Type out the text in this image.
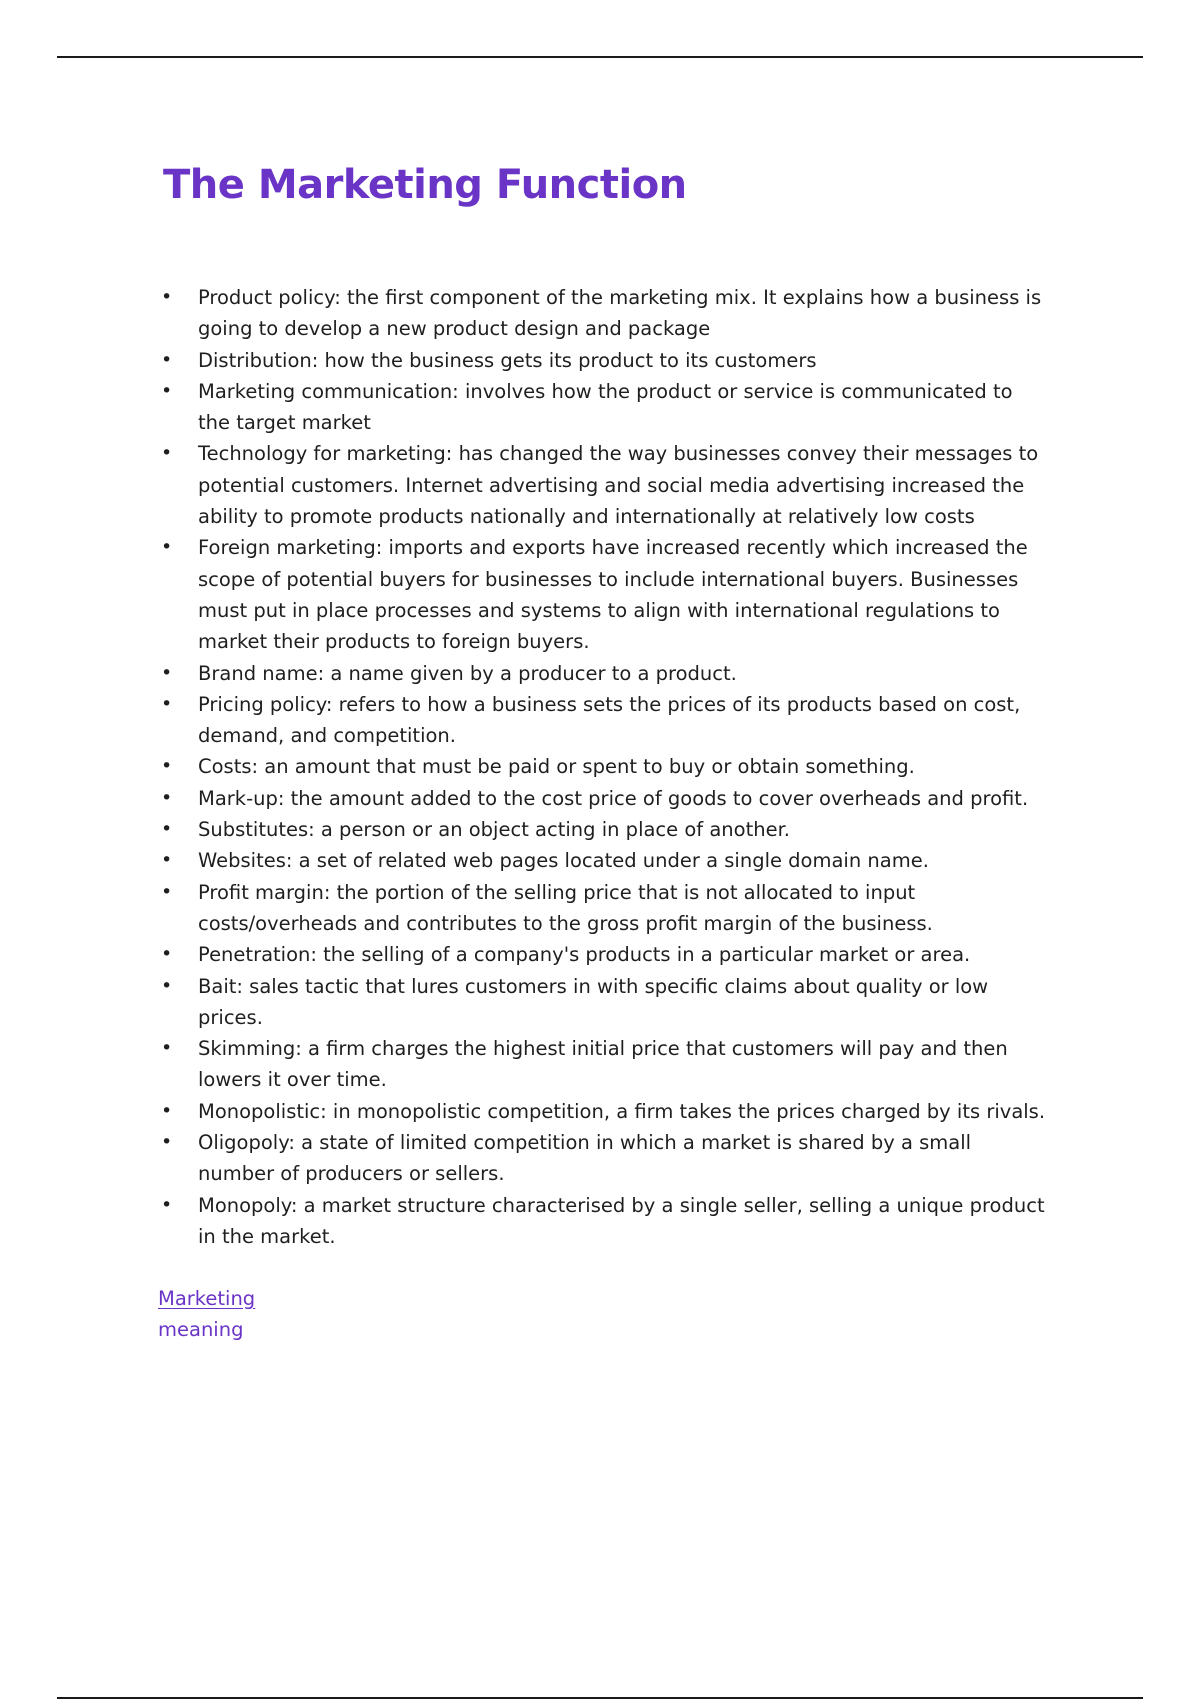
The Marketing Function
• Product policy: the first component of the marketing mix. It explains how a business is going to develop a new product design and package
• Distribution: how the business gets its product to its customers
• Marketing communication: involves how the product or service is communicated to the target market
• Technology for marketing: has changed the way businesses convey their messages to potential customers. Internet advertising and social media advertising increased the ability to promote products nationally and internationally at relatively low costs
• Foreign marketing: imports and exports have increased recently which increased the scope of potential buyers for businesses to include international buyers. Businesses must put in place processes and systems to align with international regulations to market their products to foreign buyers.
• Brand name: a name given by a producer to a product.
• Pricing policy: refers to how a business sets the prices of its products based on cost, demand, and competition.
• Costs: an amount that must be paid or spent to buy or obtain something.
• Mark-up: the amount added to the cost price of goods to cover overheads and profit.
• Substitutes: a person or an object acting in place of another.
• Websites: a set of related web pages located under a single domain name.
• Profit margin: the portion of the selling price that is not allocated to input costs/overheads and contributes to the gross profit margin of the business.
• Penetration: the selling of a company's products in a particular market or area.
• Bait: sales tactic that lures customers in with specific claims about quality or low prices.
• Skimming: a firm charges the highest initial price that customers will pay and then lowers it over time.
• Monopolistic: in monopolistic competition, a firm takes the prices charged by its rivals.
• Oligopoly: a state of limited competition in which a market is shared by a small number of producers or sellers.
• Monopoly: a market structure characterised by a single seller, selling a unique product in the market.
Marketing
meaning
